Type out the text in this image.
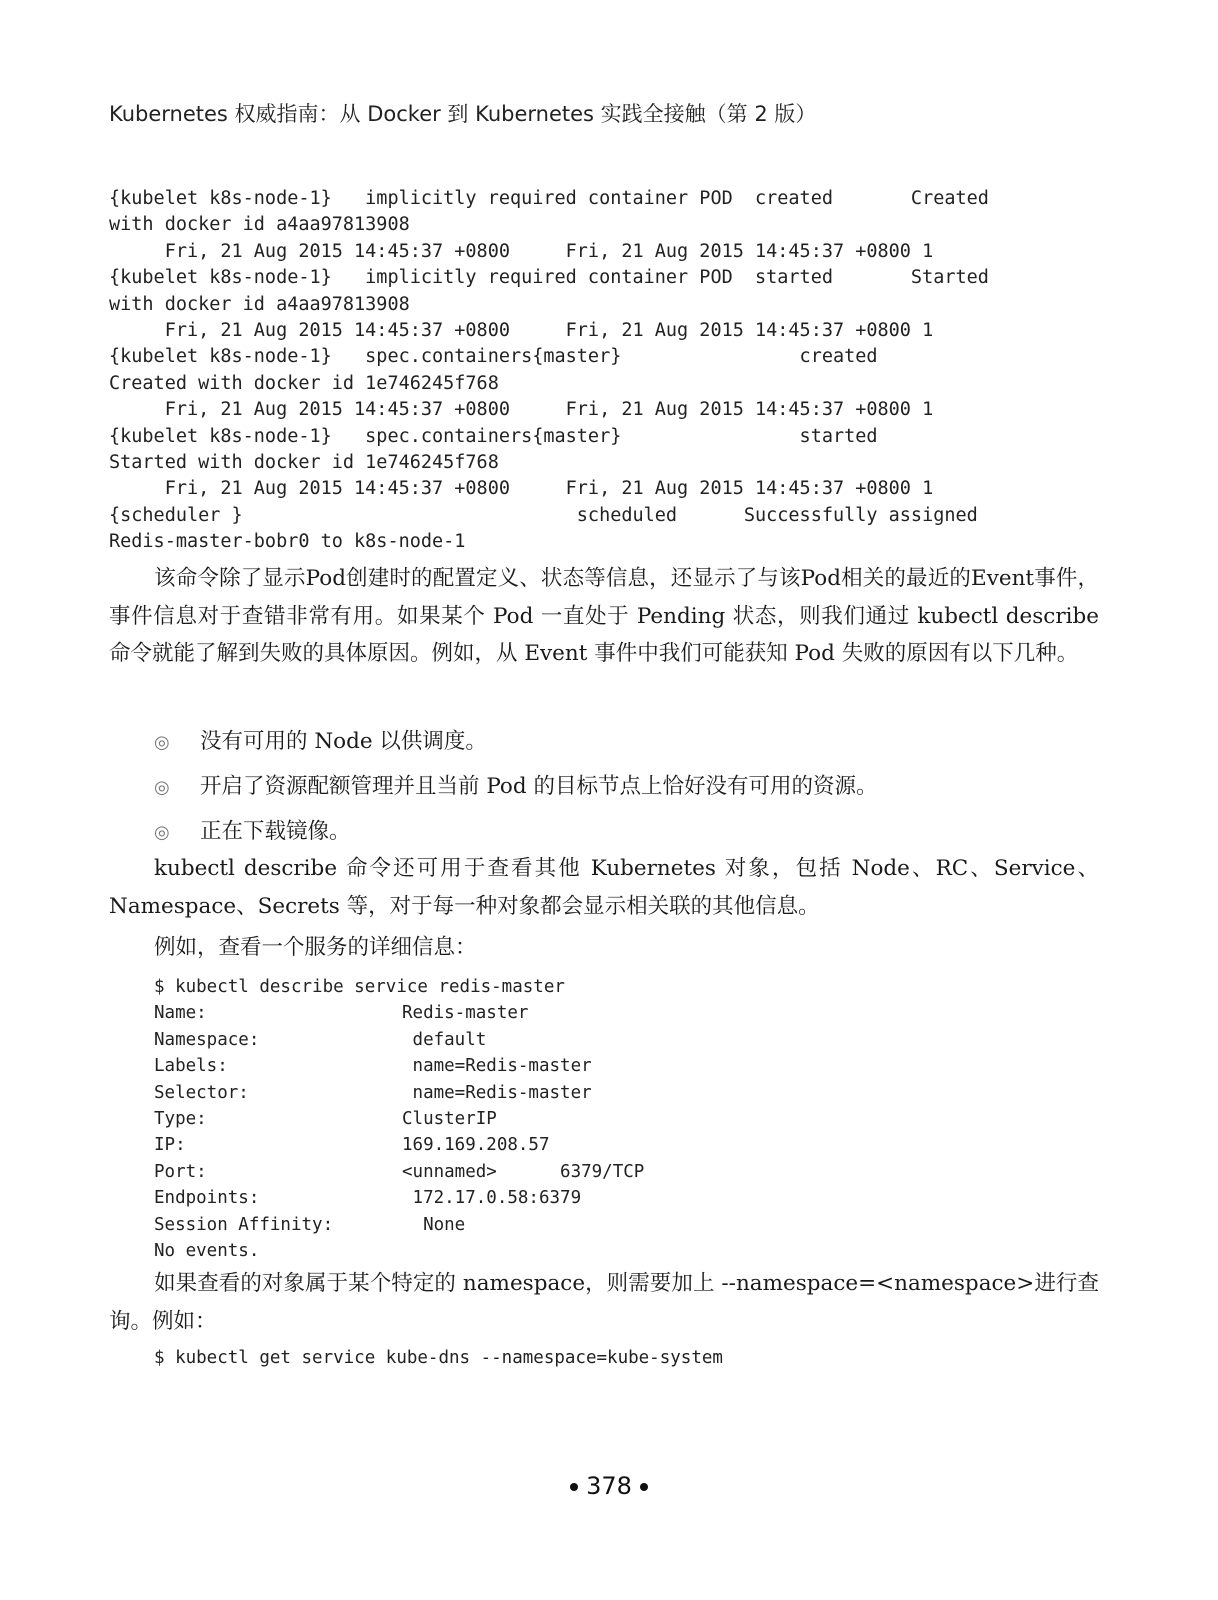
Kubernetes 权威指南：从 Docker 到 Kubernetes 实践全接触（第 2 版）
{kubelet k8s-node-1}   implicitly required container POD  created       Created
with docker id a4aa97813908
Fri, 21 Aug 2015 14:45:37 +0800     Fri, 21 Aug 2015 14:45:37 +0800 1
{kubelet k8s-node-1}   implicitly required container POD  started       Started
with docker id a4aa97813908
Fri, 21 Aug 2015 14:45:37 +0800     Fri, 21 Aug 2015 14:45:37 +0800 1
{kubelet k8s-node-1}   spec.containers{master}                created
Created with docker id 1e746245f768
Fri, 21 Aug 2015 14:45:37 +0800     Fri, 21 Aug 2015 14:45:37 +0800 1
{kubelet k8s-node-1}   spec.containers{master}                started
Started with docker id 1e746245f768
Fri, 21 Aug 2015 14:45:37 +0800     Fri, 21 Aug 2015 14:45:37 +0800 1
{scheduler }                              scheduled      Successfully assigned
Redis-master-bobr0 to k8s-node-1

该命令除了显示Pod创建时的配置定义、状态等信息，还显示了与该Pod相关的最近的Event事件，事件信息对于查错非常有用。如果某个 Pod 一直处于 Pending 状态，则我们通过 kubectl describe 命令就能了解到失败的具体原因。例如，从 Event 事件中我们可能获知 Pod 失败的原因有以下几种。

◎ 没有可用的 Node 以供调度。
◎ 开启了资源配额管理并且当前 Pod 的目标节点上恰好没有可用的资源。
◎ 正在下载镜像。

kubectl describe 命令还可用于查看其他 Kubernetes 对象，包括 Node、RC、Service、Namespace、Secrets 等，对于每一种对象都会显示相关联的其他信息。

例如，查看一个服务的详细信息：
$ kubectl describe service redis-master
Name:	Redis-master
Namespace:	default
Labels:	name=Redis-master
Selector:	name=Redis-master
Type:	ClusterIP
IP:	169.169.208.57
Port:	<unnamed>      6379/TCP
Endpoints:	172.17.0.58:6379
Session Affinity:	None
No events.

如果查看的对象属于某个特定的 namespace，则需要加上 --namespace=<namespace>进行查询。例如：

$ kubectl get service kube-dns --namespace=kube-system
378
